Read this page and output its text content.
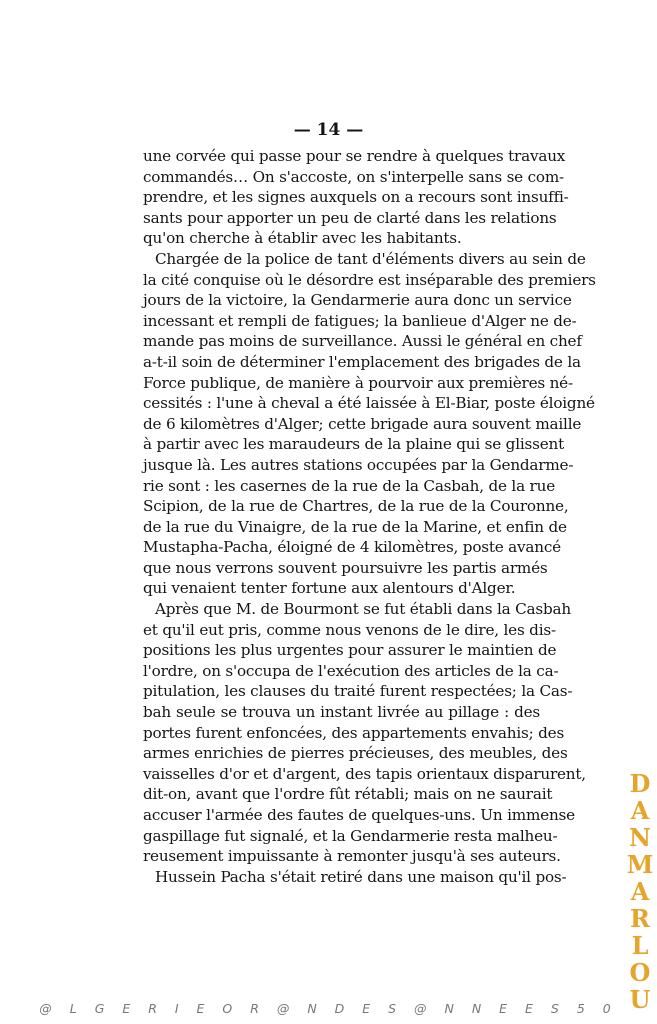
— 14 —
une corvée qui passe pour se rendre à quelques travaux
commandés… On s'accoste, on s'interpelle sans se com-
prendre, et les signes auxquels on a recours sont insuffi-
sants pour apporter un peu de clarté dans les relations
qu'on cherche à établir avec les habitants.
Chargée de la police de tant d'éléments divers au sein de
la cité conquise où le désordre est inséparable des premiers
jours de la victoire, la Gendarmerie aura donc un service
incessant et rempli de fatigues; la banlieue d'Alger ne de-
mande pas moins de surveillance. Aussi le général en chef
a-t-il soin de déterminer l'emplacement des brigades de la
Force publique, de manière à pourvoir aux premières né-
cessités : l'une à cheval a été laissée à El-Biar, poste éloigné
de 6 kilomètres d'Alger; cette brigade aura souvent maille
à partir avec les maraudeurs de la plaine qui se glissent
jusque là. Les autres stations occupées par la Gendarme-
rie sont : les casernes de la rue de la Casbah, de la rue
Scipion, de la rue de Chartres, de la rue de la Couronne,
de la rue du Vinaigre, de la rue de la Marine, et enfin de
Mustapha-Pacha, éloigné de 4 kilomètres, poste avancé
que nous verrons souvent poursuivre les partis armés
qui venaient tenter fortune aux alentours d'Alger.
Après que M. de Bourmont se fut établi dans la Casbah
et qu'il eut pris, comme nous venons de le dire, les dis-
positions les plus urgentes pour assurer le maintien de
l'ordre, on s'occupa de l'exécution des articles de la ca-
pitulation, les clauses du traité furent respectées; la Cas-
bah seule se trouva un instant livrée au pillage : des
portes furent enfoncées, des appartements envahis; des
armes enrichies de pierres précieuses, des meubles, des
vaisselles d'or et d'argent, des tapis orientaux disparurent,
dit-on, avant que l'ordre fût rétabli; mais on ne saurait
accuser l'armée des fautes de quelques-uns. Un immense
gaspillage fut signalé, et la Gendarmerie resta malheu-
reusement impuissante à remonter jusqu'à ses auteurs.
Hussein Pacha s'était retiré dans une maison qu'il pos-
D
A
N
M
A
R
L
O
U
@ L G E R I E O R @ N D E S @ N N E E S 5 0
